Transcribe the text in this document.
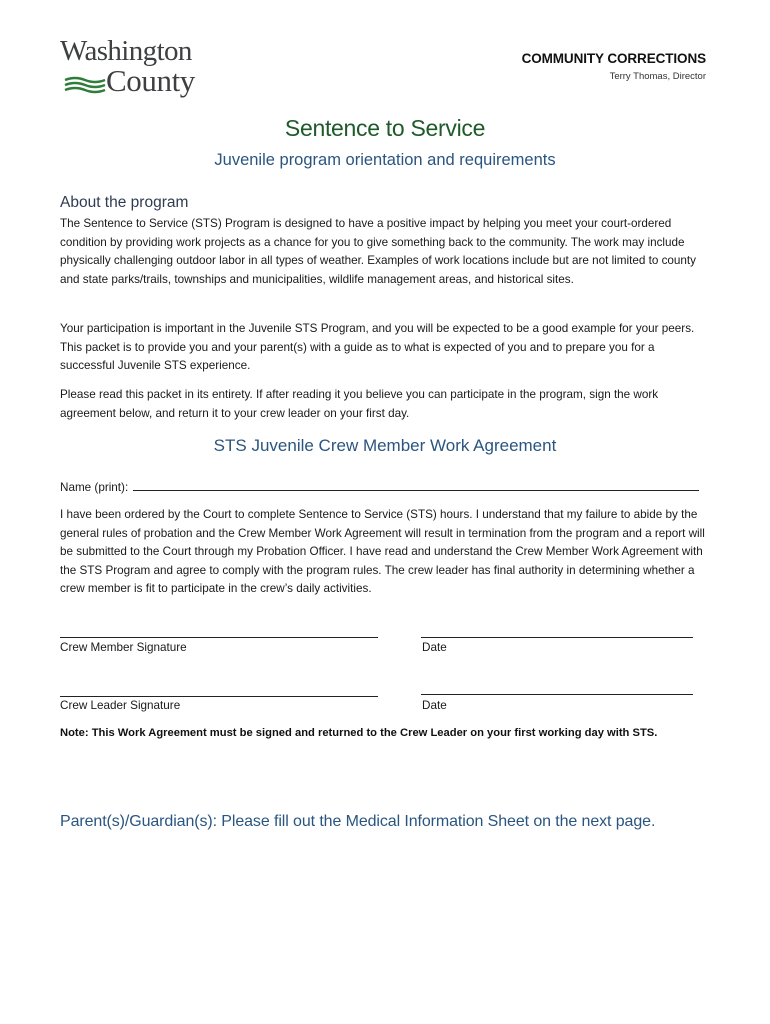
Washington
County
COMMUNITY CORRECTIONS
Terry Thomas, Director
Sentence to Service
Juvenile program orientation and requirements
About the program

The Sentence to Service (STS) Program is designed to have a positive impact by helping you meet your court-ordered condition by providing work projects as a chance for you to give something back to the community. The work may include physically challenging outdoor labor in all types of weather. Examples of work locations include but are not limited to county and state parks/trails, townships and municipalities, wildlife management areas, and historical sites.

Your participation is important in the Juvenile STS Program, and you will be expected to be a good example for your peers. This packet is to provide you and your parent(s) with a guide as to what is expected of you and to prepare you for a successful Juvenile STS experience.

Please read this packet in its entirety. If after reading it you believe you can participate in the program, sign the work agreement below, and return it to your crew leader on your first day.

STS Juvenile Crew Member Work Agreement
Name (print):

I have been ordered by the Court to complete Sentence to Service (STS) hours. I understand that my failure to abide by the general rules of probation and the Crew Member Work Agreement will result in termination from the program and a report will be submitted to the Court through my Probation Officer. I have read and understand the Crew Member Work Agreement with the STS Program and agree to comply with the program rules. The crew leader has final authority in determining whether a crew member is fit to participate in the crew’s daily activities.

Crew Member Signature	Date
Crew Leader Signature	Date
Note: This Work Agreement must be signed and returned to the Crew Leader on your first working day with STS.
Parent(s)/Guardian(s): Please fill out the Medical Information Sheet on the next page.
